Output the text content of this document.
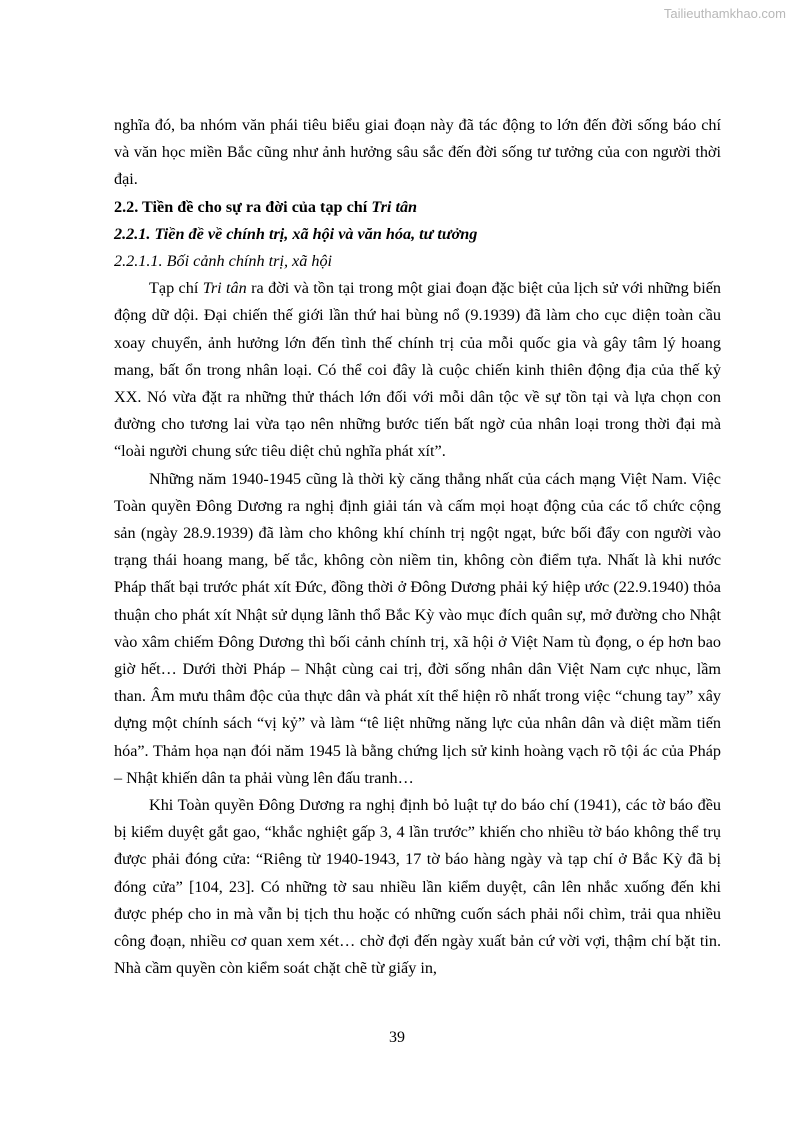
Tailieuthamkhao.com

nghĩa đó, ba nhóm văn phái tiêu biểu giai đoạn này đã tác động to lớn đến đời sống báo chí và văn học miền Bắc cũng như ảnh hưởng sâu sắc đến đời sống tư tưởng của con người thời đại.

2.2. Tiền đề cho sự ra đời của tạp chí Tri tân

2.2.1. Tiền đề về chính trị, xã hội và văn hóa, tư tưởng

2.2.1.1. Bối cảnh chính trị, xã hội

Tạp chí Tri tân ra đời và tồn tại trong một giai đoạn đặc biệt của lịch sử với những biến động dữ dội. Đại chiến thế giới lần thứ hai bùng nổ (9.1939) đã làm cho cục diện toàn cầu xoay chuyển, ảnh hưởng lớn đến tình thế chính trị của mỗi quốc gia và gây tâm lý hoang mang, bất ổn trong nhân loại. Có thể coi đây là cuộc chiến kinh thiên động địa của thế kỷ XX. Nó vừa đặt ra những thử thách lớn đối với mỗi dân tộc về sự tồn tại và lựa chọn con đường cho tương lai vừa tạo nên những bước tiến bất ngờ của nhân loại trong thời đại mà “loài người chung sức tiêu diệt chủ nghĩa phát xít”.

Những năm 1940-1945 cũng là thời kỳ căng thẳng nhất của cách mạng Việt Nam. Việc Toàn quyền Đông Dương ra nghị định giải tán và cấm mọi hoạt động của các tổ chức cộng sản (ngày 28.9.1939) đã làm cho không khí chính trị ngột ngạt, bức bối đẩy con người vào trạng thái hoang mang, bế tắc, không còn niềm tin, không còn điểm tựa. Nhất là khi nước Pháp thất bại trước phát xít Đức, đồng thời ở Đông Dương phải ký hiệp ước (22.9.1940) thỏa thuận cho phát xít Nhật sử dụng lãnh thổ Bắc Kỳ vào mục đích quân sự, mở đường cho Nhật vào xâm chiếm Đông Dương thì bối cảnh chính trị, xã hội ở Việt Nam tù đọng, o ép hơn bao giờ hết… Dưới thời Pháp – Nhật cùng cai trị, đời sống nhân dân Việt Nam cực nhục, lầm than. Âm mưu thâm độc của thực dân và phát xít thể hiện rõ nhất trong việc “chung tay” xây dựng một chính sách “vị kỷ” và làm “tê liệt những năng lực của nhân dân và diệt mầm tiến hóa”. Thảm họa nạn đói năm 1945 là bằng chứng lịch sử kinh hoàng vạch rõ tội ác của Pháp – Nhật khiến dân ta phải vùng lên đấu tranh…

Khi Toàn quyền Đông Dương ra nghị định bỏ luật tự do báo chí (1941), các tờ báo đều bị kiểm duyệt gắt gao, “khắc nghiệt gấp 3, 4 lần trước” khiến cho nhiều tờ báo không thể trụ được phải đóng cửa: “Riêng từ 1940-1943, 17 tờ báo hàng ngày và tạp chí ở Bắc Kỳ đã bị đóng cửa” [104, 23]. Có những tờ sau nhiều lần kiểm duyệt, cân lên nhắc xuống đến khi được phép cho in mà vẫn bị tịch thu hoặc có những cuốn sách phải nổi chìm, trải qua nhiều công đoạn, nhiều cơ quan xem xét… chờ đợi đến ngày xuất bản cứ vời vợi, thậm chí bặt tin. Nhà cầm quyền còn kiểm soát chặt chẽ từ giấy in,

39
